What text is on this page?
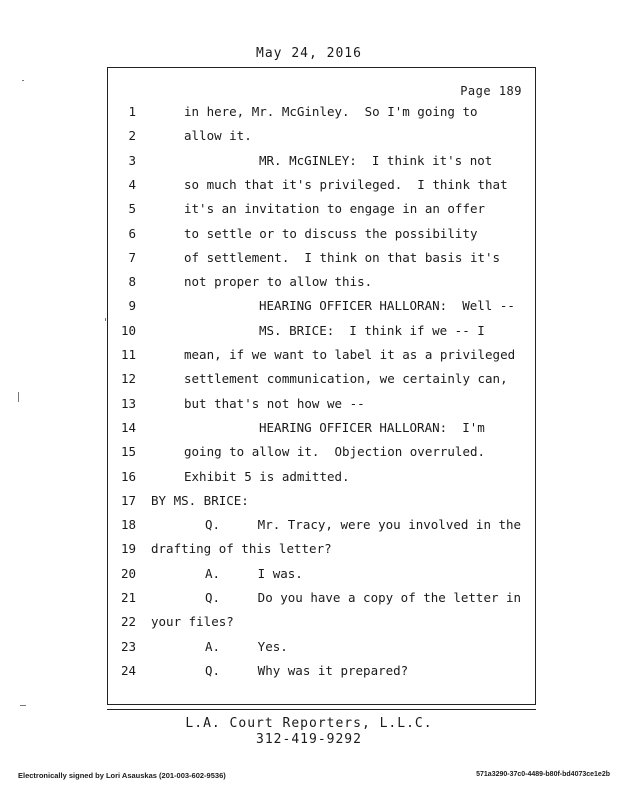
May 24, 2016
Page 189
1	in here, Mr. McGinley.  So I'm going to
2	allow it.
3	MR. McGINLEY:  I think it's not
4	so much that it's privileged.  I think that
5	it's an invitation to engage in an offer
6	to settle or to discuss the possibility
7	of settlement.  I think on that basis it's
8	not proper to allow this.
9	HEARING OFFICER HALLORAN:  Well --
10	MS. BRICE:  I think if we -- I
11	mean, if we want to label it as a privileged
12	settlement communication, we certainly can,
13	but that's not how we --
14	HEARING OFFICER HALLORAN:  I'm
15	going to allow it.  Objection overruled.
16	Exhibit 5 is admitted.
17 BY MS. BRICE:
18	Q.     Mr. Tracy, were you involved in the
19 drafting of this letter?
20	A.     I was.
21	Q.     Do you have a copy of the letter in
22 your files?
23	A.     Yes.
24	Q.     Why was it prepared?
L.A. Court Reporters, L.L.C.
312-419-9292
Electronically signed by Lori Asauskas (201-003-602-9536)	571a3290-37c0-4489-b80f-bd4073ce1e2b
